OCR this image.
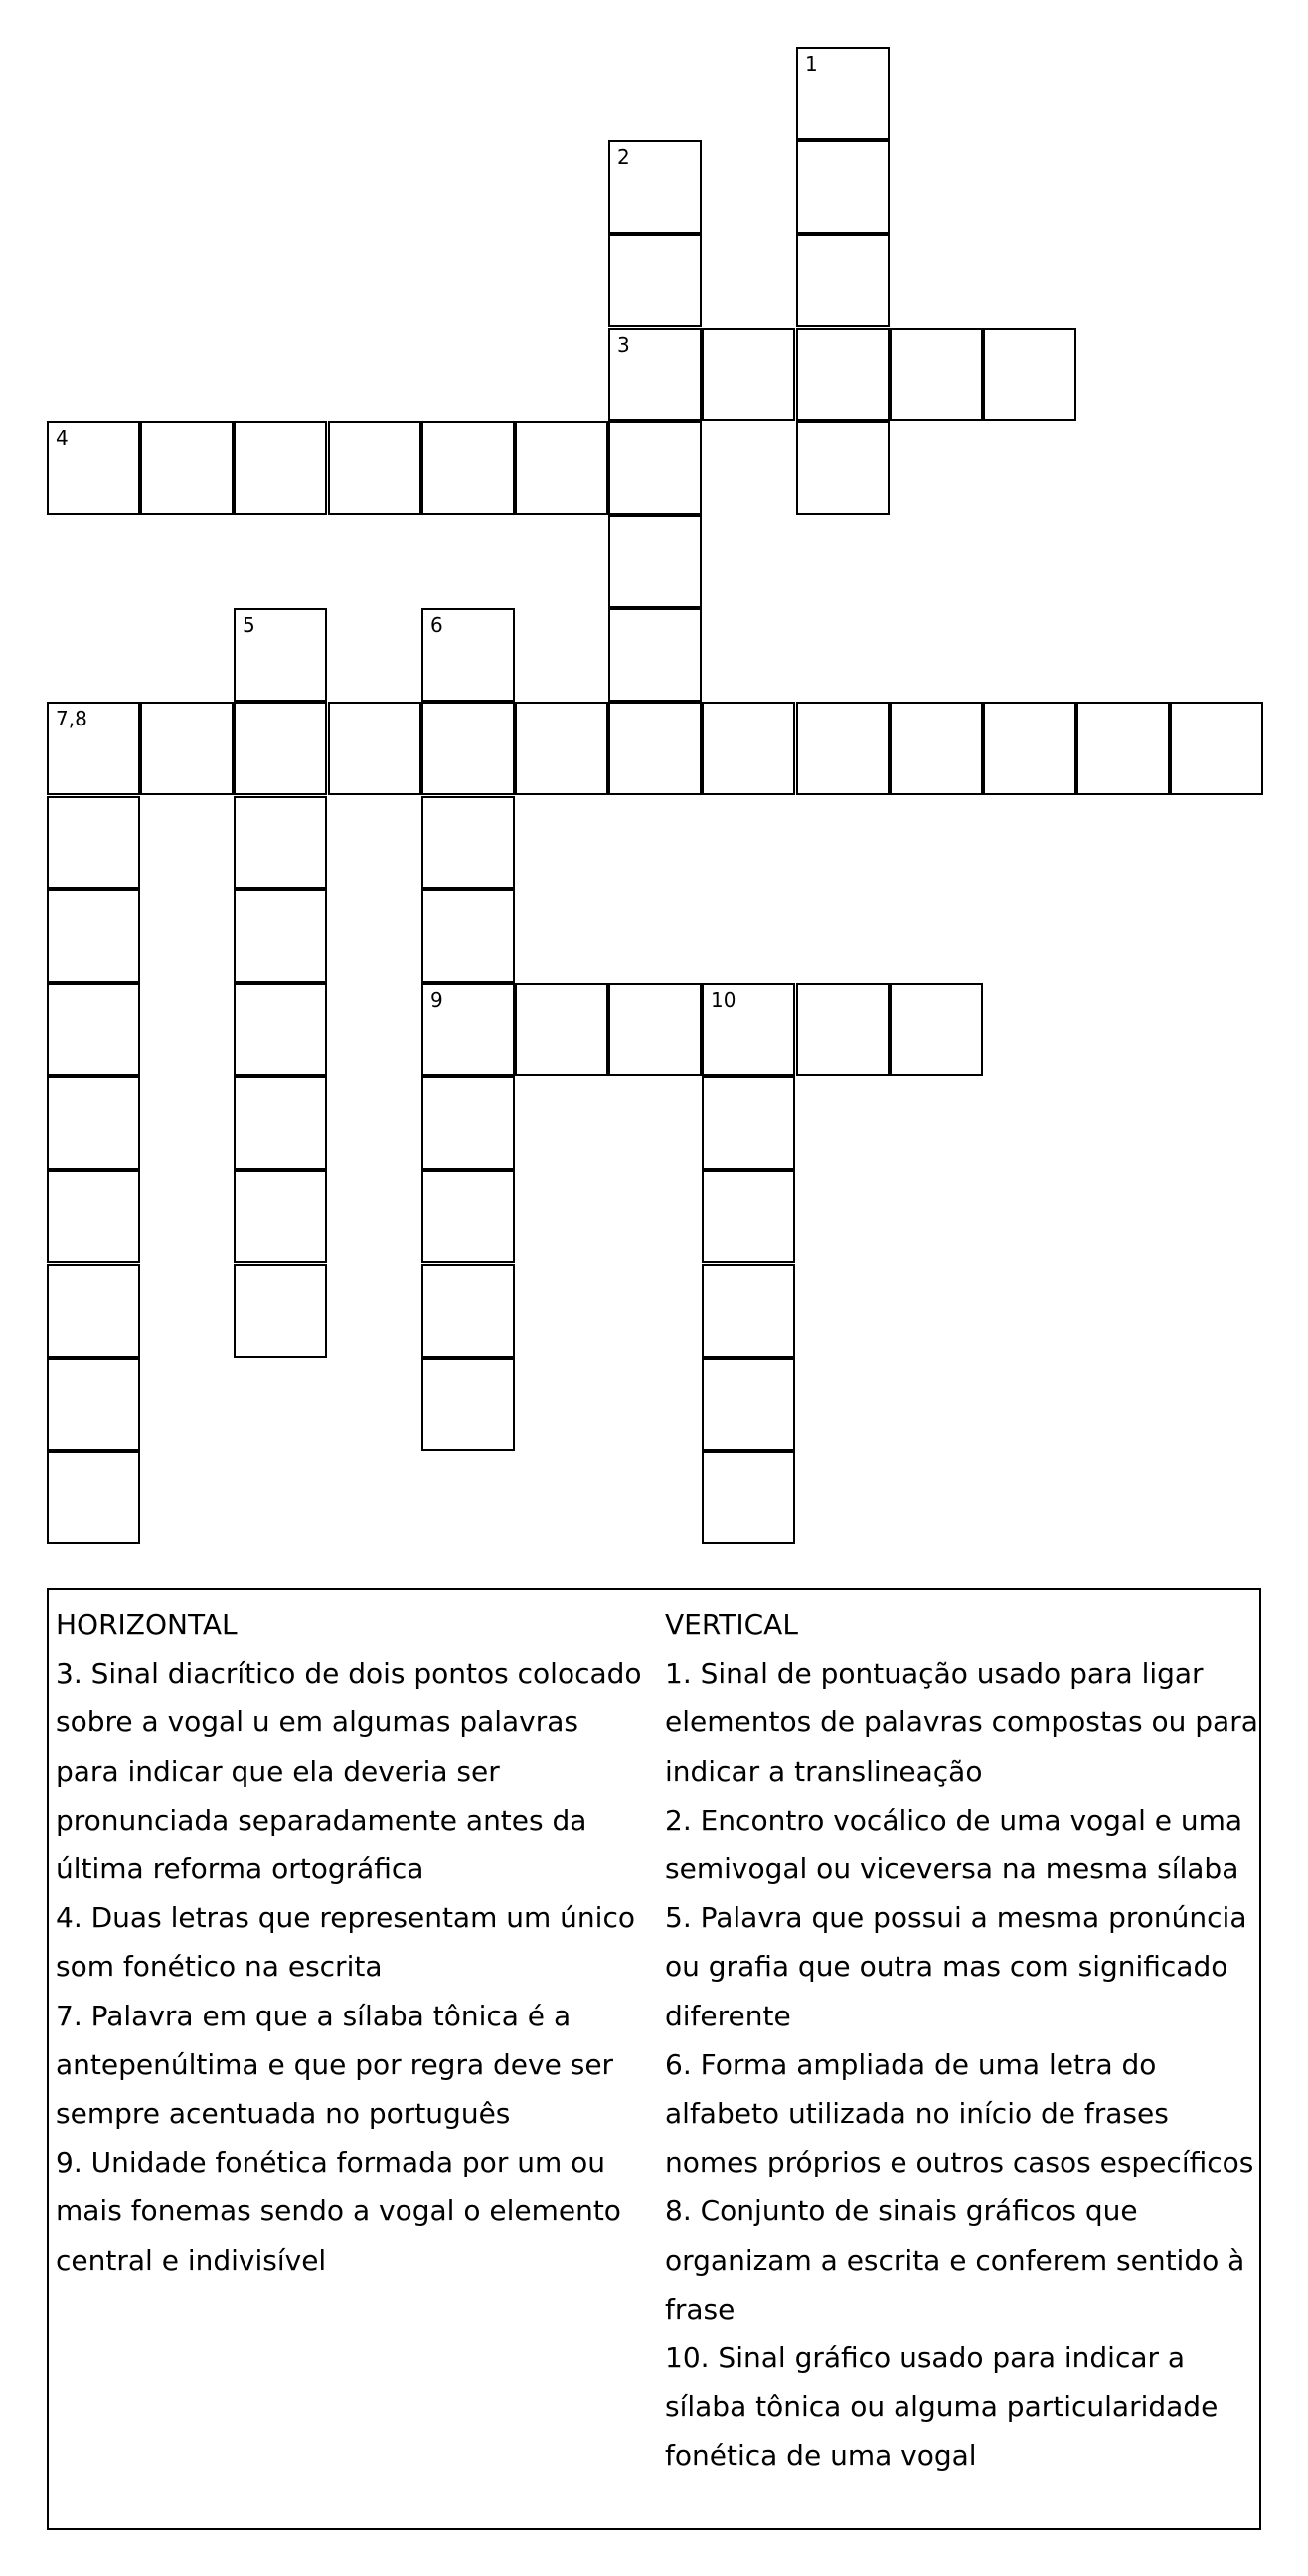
1
2
3
4
5	6
7,8
9	10
HORIZONTAL
3. Sinal diacrítico de dois pontos colocado sobre a vogal u em algumas palavras para indicar que ela deveria ser pronunciada separadamente antes da última reforma ortográfica
4. Duas letras que representam um único som fonético na escrita
7. Palavra em que a sílaba tônica é a antepenúltima e que por regra deve ser sempre acentuada no português
9. Unidade fonética formada por um ou mais fonemas sendo a vogal o elemento central e indivisível
VERTICAL
1. Sinal de pontuação usado para ligar elementos de palavras compostas ou para indicar a translineação
2. Encontro vocálico de uma vogal e uma semivogal ou viceversa na mesma sílaba
5. Palavra que possui a mesma pronúncia ou grafia que outra mas com significado diferente
6. Forma ampliada de uma letra do alfabeto utilizada no início de frases nomes próprios e outros casos específicos
8. Conjunto de sinais gráficos que organizam a escrita e conferem sentido à frase
10. Sinal gráfico usado para indicar a sílaba tônica ou alguma particularidade fonética de uma vogal
